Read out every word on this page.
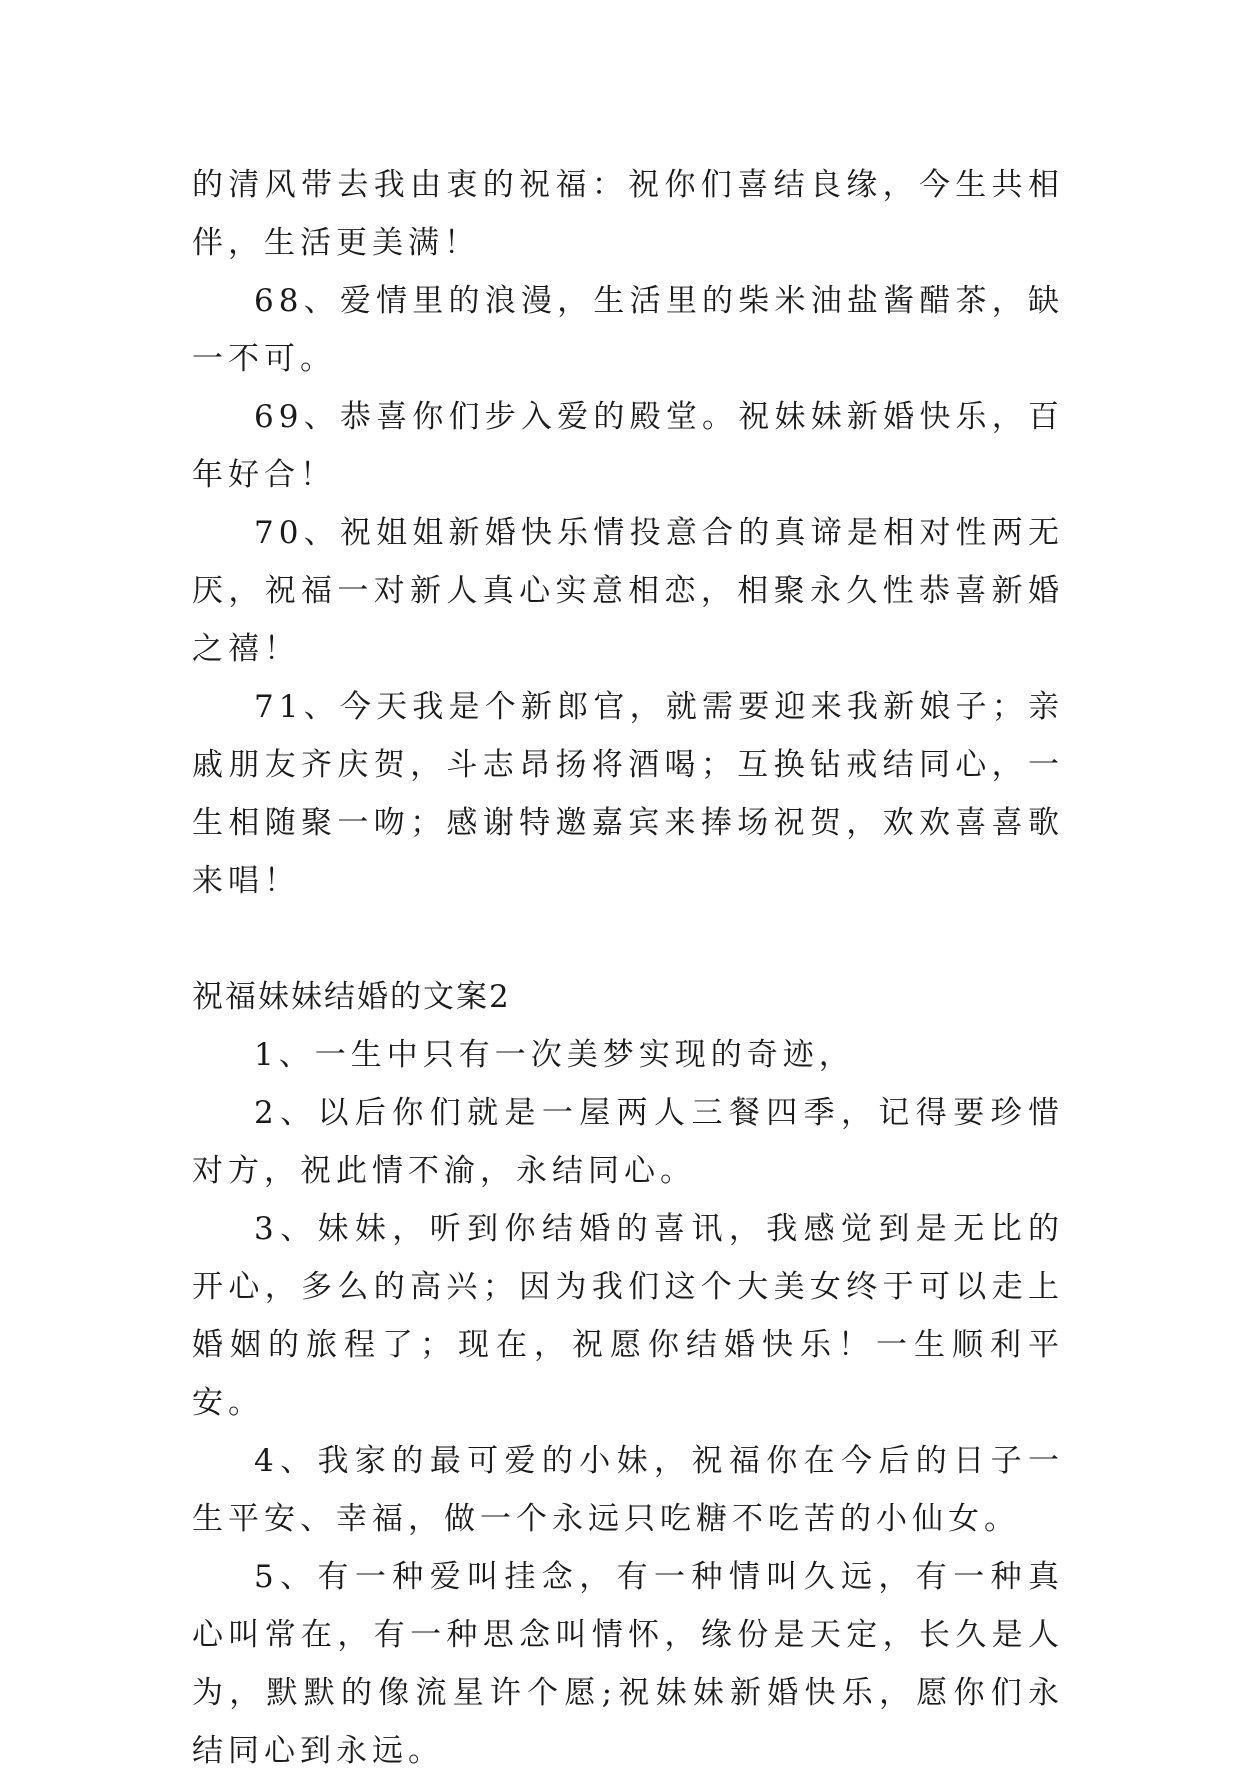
的清风带去我由衷的祝福：祝你们喜结良缘，今生共相伴，生活更美满！

68、爱情里的浪漫，生活里的柴米油盐酱醋茶，缺一不可。

69、恭喜你们步入爱的殿堂。祝妹妹新婚快乐，百年好合！

70、祝姐姐新婚快乐情投意合的真谛是相对性两无厌，祝福一对新人真心实意相恋，相聚永久性恭喜新婚之禧！

71、今天我是个新郎官，就需要迎来我新娘子；亲戚朋友齐庆贺，斗志昂扬将酒喝；互换钻戒结同心，一生相随聚一吻；感谢特邀嘉宾来捧场祝贺，欢欢喜喜歌来唱！

祝福妹妹结婚的文案2

1、一生中只有一次美梦实现的奇迹，

2、以后你们就是一屋两人三餐四季，记得要珍惜对方，祝此情不渝，永结同心。

3、妹妹，听到你结婚的喜讯，我感觉到是无比的开心，多么的高兴；因为我们这个大美女终于可以走上婚姻的旅程了；现在，祝愿你结婚快乐！一生顺利平安。

4、我家的最可爱的小妹，祝福你在今后的日子一生平安、幸福，做一个永远只吃糖不吃苦的小仙女。

5、有一种爱叫挂念，有一种情叫久远，有一种真心叫常在，有一种思念叫情怀，缘份是天定，长久是人为，默默的像流星许个愿;祝妹妹新婚快乐，愿你们永结同心到永远。
